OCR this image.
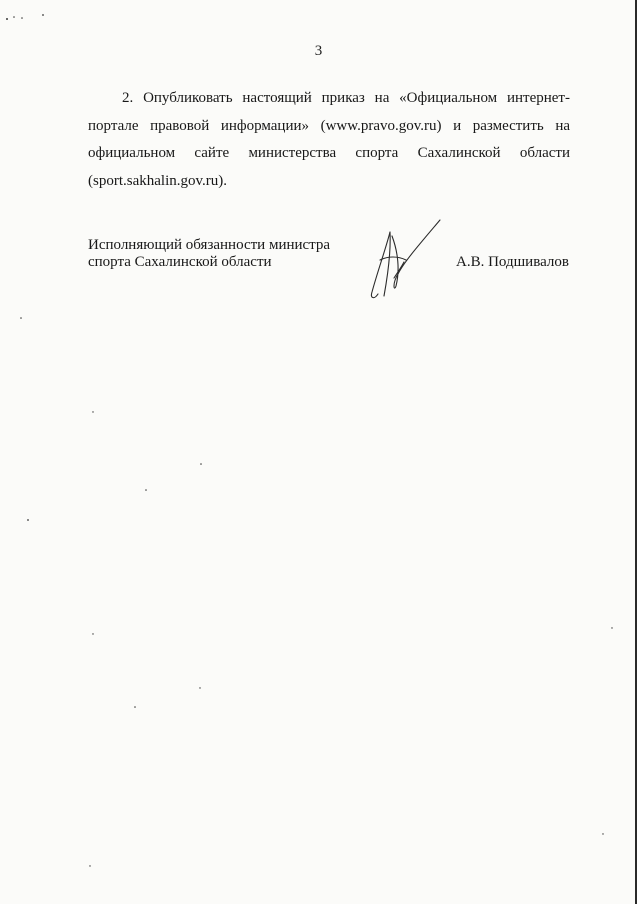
3

2. Опубликовать настоящий приказ на «Официальном интернет-портале правовой информации» (www.pravo.gov.ru) и разместить на официальном сайте министерства спорта Сахалинской области (sport.sakhalin.gov.ru).

Исполняющий обязанности министра
спорта Сахалинской области	А.В. Подшивалов
